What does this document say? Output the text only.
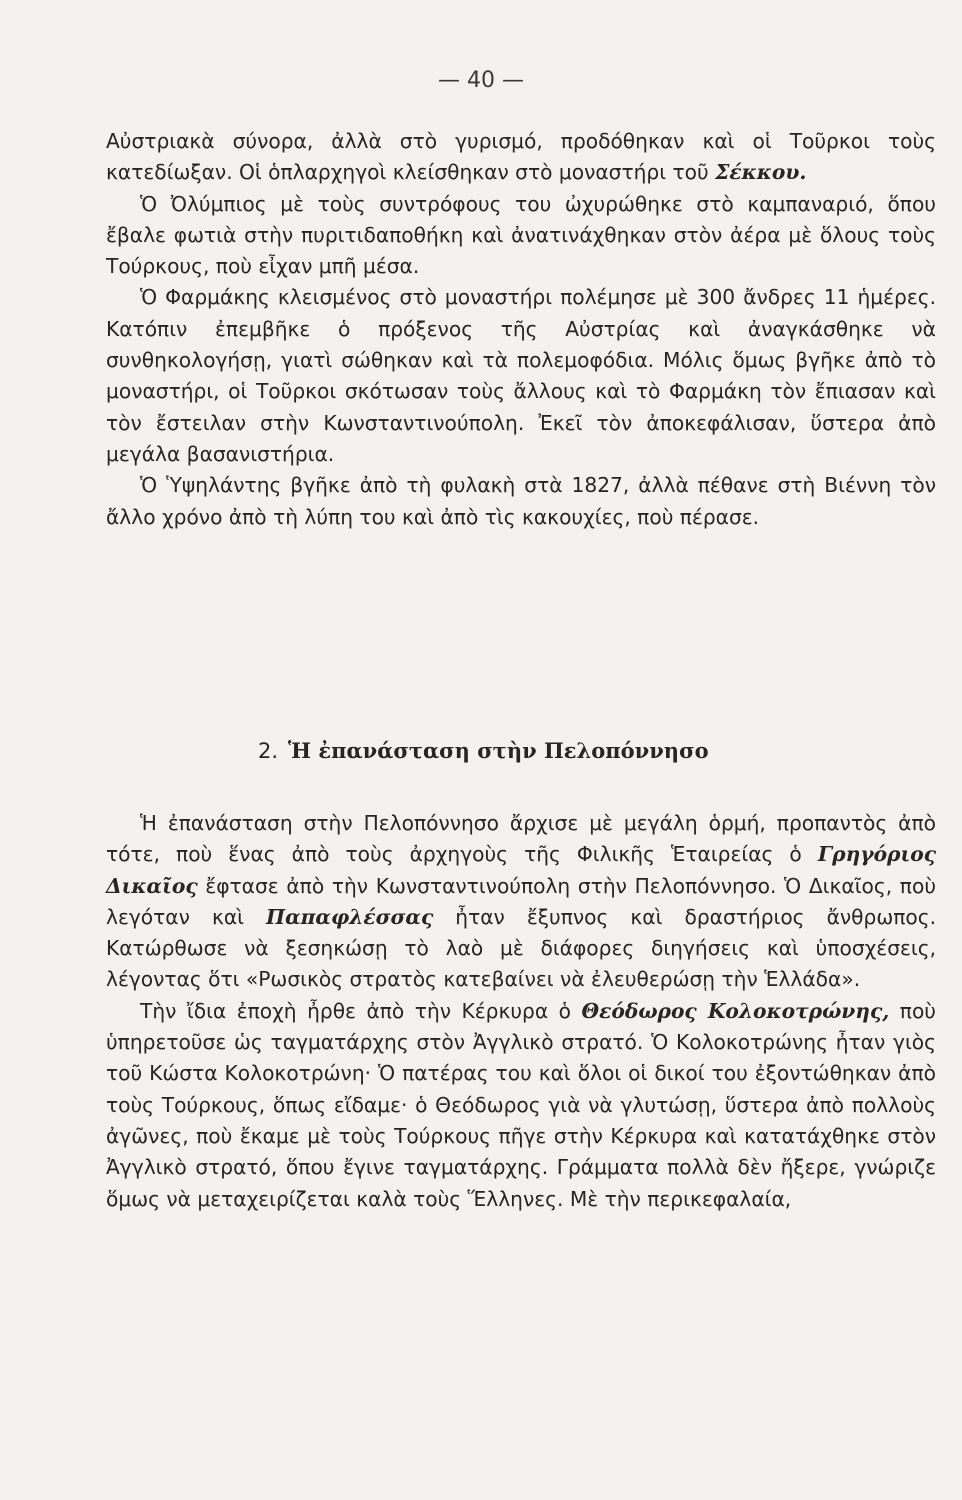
— 40 —

Αὐστριακὰ σύνορα, ἀλλὰ στὸ γυρισμό, προδόθηκαν καὶ οἱ Τοῦρκοι τοὺς κατεδίωξαν. Οἱ ὁπλαρχηγοὶ κλείσθηκαν στὸ μοναστήρι τοῦ Σέκκου.

Ὁ Ὀλύμπιος μὲ τοὺς συντρόφους του ὠχυρώθηκε στὸ καμπαναριό, ὅπου ἔβαλε φωτιὰ στὴν πυριτιδαποθήκη καὶ ἀνατινάχθηκαν στὸν ἀέρα μὲ ὅλους τοὺς Τούρκους, ποὺ εἶχαν μπῆ μέσα.

Ὁ Φαρμάκης κλεισμένος στὸ μοναστήρι πολέμησε μὲ 300 ἄνδρες 11 ἡμέρες. Κατόπιν ἐπεμβῆκε ὁ πρόξενος τῆς Αὐστρίας καὶ ἀναγκάσθηκε νὰ συνθηκολογήσῃ, γιατὶ σώθηκαν καὶ τὰ πολεμοφόδια. Μόλις ὅμως βγῆκε ἀπὸ τὸ μοναστήρι, οἱ Τοῦρκοι σκότωσαν τοὺς ἄλλους καὶ τὸ Φαρμάκη τὸν ἔπιασαν καὶ τὸν ἔστειλαν στὴν Κωνσταντινούπολη. Ἐκεῖ τὸν ἀποκεφάλισαν, ὕστερα ἀπὸ μεγάλα βασανιστήρια.

Ὁ Ὑψηλάντης βγῆκε ἀπὸ τὴ φυλακὴ στὰ 1827, ἀλλὰ πέθανε στὴ Βιέννη τὸν ἄλλο χρόνο ἀπὸ τὴ λύπη του καὶ ἀπὸ τὶς κακουχίες, ποὺ πέρασε.

2. Ἡ ἐπανάσταση στὴν Πελοπόννησο

Ἡ ἐπανάσταση στὴν Πελοπόννησο ἄρχισε μὲ μεγάλη ὁρμή, προπαντὸς ἀπὸ τότε, ποὺ ἕνας ἀπὸ τοὺς ἀρχηγοὺς τῆς Φιλικῆς Ἑταιρείας ὁ Γρηγόριος Δικαῖος ἔφτασε ἀπὸ τὴν Κωνσταντινούπολη στὴν Πελοπόννησο. Ὁ Δικαῖος, ποὺ λεγόταν καὶ Παπαφλέσσας ἦταν ἔξυπνος καὶ δραστήριος ἄνθρωπος. Κατώρθωσε νὰ ξεσηκώσῃ τὸ λαὸ μὲ διάφορες διηγήσεις καὶ ὑποσχέσεις, λέγοντας ὅτι «Ρωσικὸς στρατὸς κατεβαίνει νὰ ἐλευθερώσῃ τὴν Ἑλλάδα».

Τὴν ἴδια ἐποχὴ ἦρθε ἀπὸ τὴν Κέρκυρα ὁ Θεόδωρος Κολοκοτρώνης, ποὺ ὑπηρετοῦσε ὡς ταγματάρχης στὸν Ἀγγλικὸ στρατό. Ὁ Κολοκοτρώνης ἦταν γιὸς τοῦ Κώστα Κολοκοτρώνη· Ὁ πατέρας του καὶ ὅλοι οἱ δικοί του ἐξοντώθηκαν ἀπὸ τοὺς Τούρκους, ὅπως εἴδαμε· ὁ Θεόδωρος γιὰ νὰ γλυτώσῃ, ὕστερα ἀπὸ πολλοὺς ἀγῶνες, ποὺ ἔκαμε μὲ τοὺς Τούρκους πῆγε στὴν Κέρκυρα καὶ κατατάχθηκε στὸν Ἀγγλικὸ στρατό, ὅπου ἔγινε ταγματάρχης. Γράμματα πολλὰ δὲν ἤξερε, γνώριζε ὅμως νὰ μεταχειρίζεται καλὰ τοὺς Ἕλληνες. Μὲ τὴν περικεφαλαία,
